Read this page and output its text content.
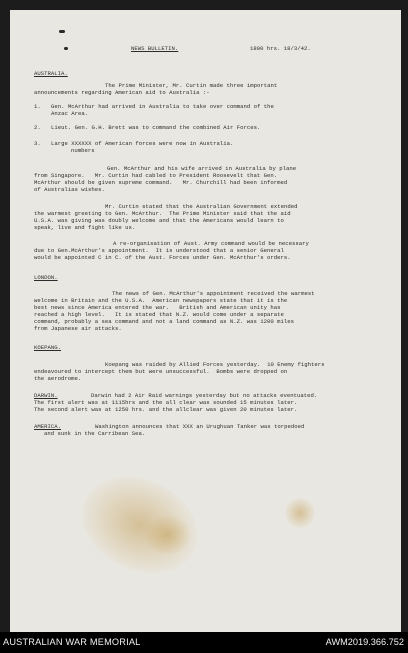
NEWS BULLETIN.	1800 hrs. 18/3/42.
AUSTRALIA.
The Prime Minister, Mr. Curtin made three important
announcements regarding American aid to Australia :-
1. Gen. McArthur had arrived in Australia to take over command of the
Anzac Area.
2. Lieut. Gen. G.H. Brett was to command the combined Air Forces.
3. Large XXXXXX of American forces were now in Australia.
numbers
Gen. McArthur and his wife arrived in Australia by plane
from Singapore.   Mr. Curtin had cabled to President Roosevelt that Gen.
McArthur should be given supreme command.   Mr. Churchill had been informed
of Australias wishes.
Mr. Curtin stated that the Australian Government extended
the warmest greeting to Gen. McArthur.  The Prime Minister said that the aid
U.S.A. was giving was doubly welcome and that the Americans would learn to
speak, live and fight like us.
A re-organisation of Aust. Army command would be necessary
due to Gen.McArthur's appointment.  It is understood that a senior General
would be appointed C in C. of the Aust. Forces under Gen. McArthur's orders.
LONDON.
The news of Gen. McArthur's appointment received the warmest
welcome in Britain and the U.S.A.  American newspapers state that it is the
best news since America entered the war.   British and American unity has
reached a high level.   It is stated that N.Z. would come under a separate
command, probably a sea command and not a land command as N.Z. was 1200 miles
from Japanese air attacks.
KOEPANG.
Koepang was raided by Allied Forces yesterday.  10 Enemy fighters
endeavoured to intercept them but were unsuccessful.  Bombs were dropped on
the aerodrome.
DARWIN.	Darwin had 2 Air Raid warnings yesterday but no attacks eventuated.
The first alert was at 1115hrs and the all clear was sounded 15 minutes later.
The second alert was at 1250 hrs. and the allclear was given 20 minutes later.
AMERICA.	Washington announces that XXX an Urughuan Tanker was torpedoed
and sunk in the Carribean Sea.
AUSTRALIAN WAR MEMORIAL	AWM2019.366.752
